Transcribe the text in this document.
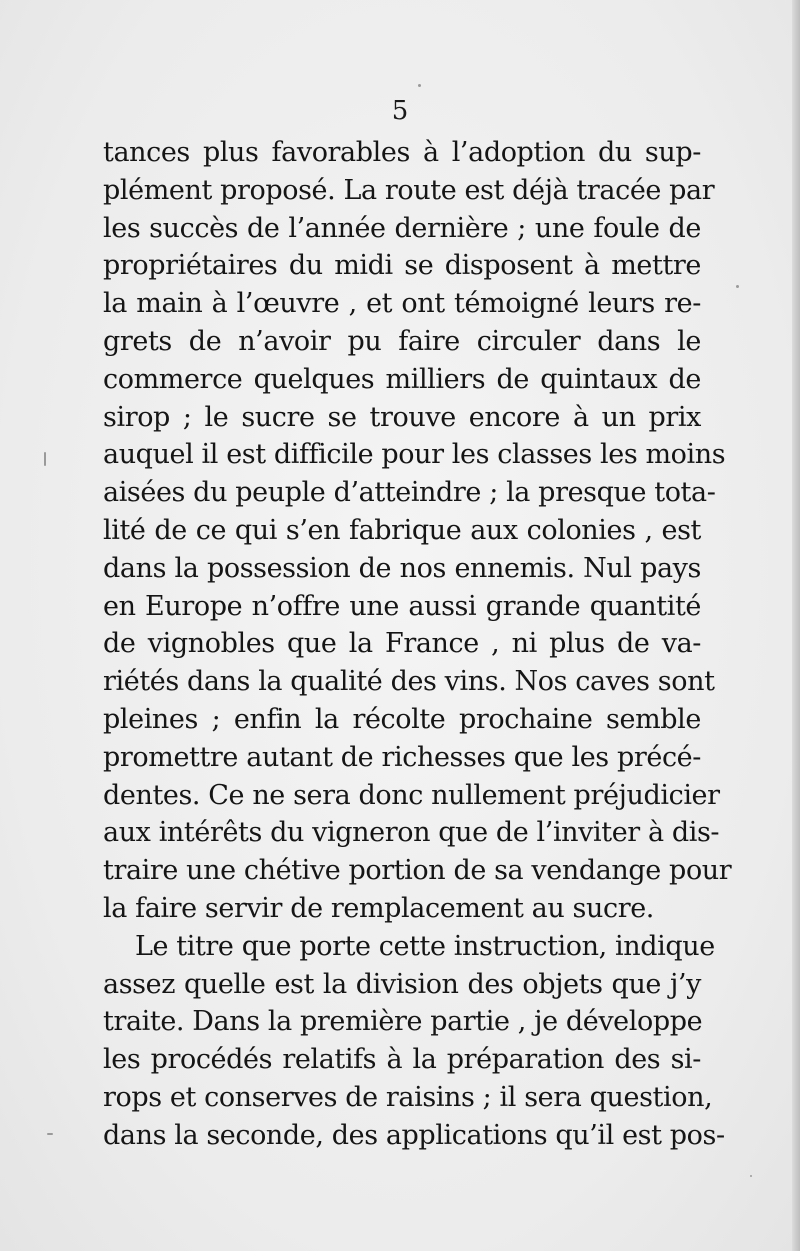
5
tances plus favorables à l’adoption du sup-
plément proposé. La route est déjà tracée par
les succès de l’année dernière ; une foule de
propriétaires du midi se disposent à mettre
la main à l’œuvre , et ont témoigné leurs re-
grets de n’avoir pu faire circuler dans le
commerce quelques milliers de quintaux de
sirop ; le sucre se trouve encore à un prix
auquel il est difficile pour les classes les moins
aisées du peuple d’atteindre ; la presque tota-
lité de ce qui s’en fabrique aux colonies , est
dans la possession de nos ennemis. Nul pays
en Europe n’offre une aussi grande quantité
de vignobles que la France , ni plus de va-
riétés dans la qualité des vins. Nos caves sont
pleines ; enfin la récolte prochaine semble
promettre autant de richesses que les précé-
dentes. Ce ne sera donc nullement préjudicier
aux intérêts du vigneron que de l’inviter à dis-
traire une chétive portion de sa vendange pour
la faire servir de remplacement au sucre.
Le titre que porte cette instruction, indique
assez quelle est la division des objets que j’y
traite. Dans la première partie , je développe
les procédés relatifs à la préparation des si-
rops et conserves de raisins ; il sera question,
dans la seconde, des applications qu’il est pos-
